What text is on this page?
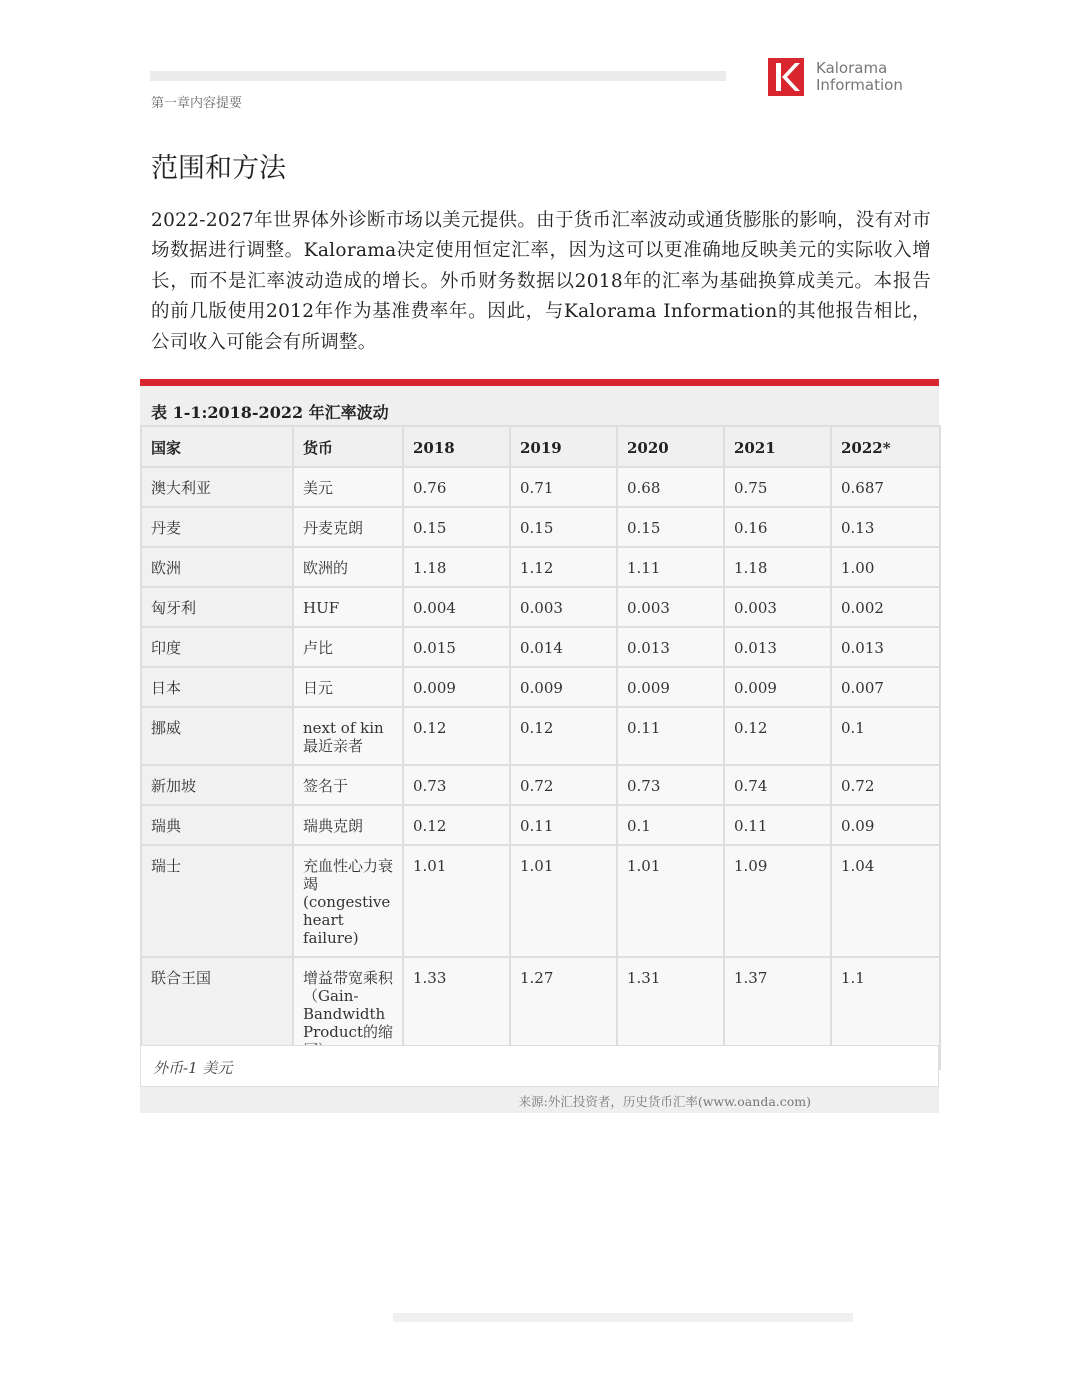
第一章内容提要
Kalorama
Information
范围和方法
2022-2027年世界体外诊断市场以美元提供。由于货币汇率波动或通货膨胀的影响，没有对市场数据进行调整。Kalorama决定使用恒定汇率，因为这可以更准确地反映美元的实际收入增长，而不是汇率波动造成的增长。外币财务数据以2018年的汇率为基础换算成美元。本报告的前几版使用2012年作为基准费率年。因此，与Kalorama Information的其他报告相比，公司收入可能会有所调整。
表 1-1:2018-2022 年汇率波动
国家	货币	2018	2019	2020	2021	2022*
澳大利亚	美元	0.76	0.71	0.68	0.75	0.687
丹麦	丹麦克朗	0.15	0.15	0.15	0.16	0.13
欧洲	欧洲的	1.18	1.12	1.11	1.18	1.00
匈牙利	HUF	0.004	0.003	0.003	0.003	0.002
印度	卢比	0.015	0.014	0.013	0.013	0.013
日本	日元	0.009	0.009	0.009	0.009	0.007
挪威	next of kin 最近亲者	0.12	0.12	0.11	0.12	0.1
新加坡	签名于	0.73	0.72	0.73	0.74	0.72
瑞典	瑞典克朗	0.12	0.11	0.1	0.11	0.09
瑞士	充血性心力衰竭(congestive heart failure)	1.01	1.01	1.01	1.09	1.04
联合王国	增益带宽乘积（Gain-Bandwidth Product的缩	1.33	1.27	1.31	1.37	1.1
外币-1 美元
来源:外汇投资者，历史货币汇率(www.oanda.com)
